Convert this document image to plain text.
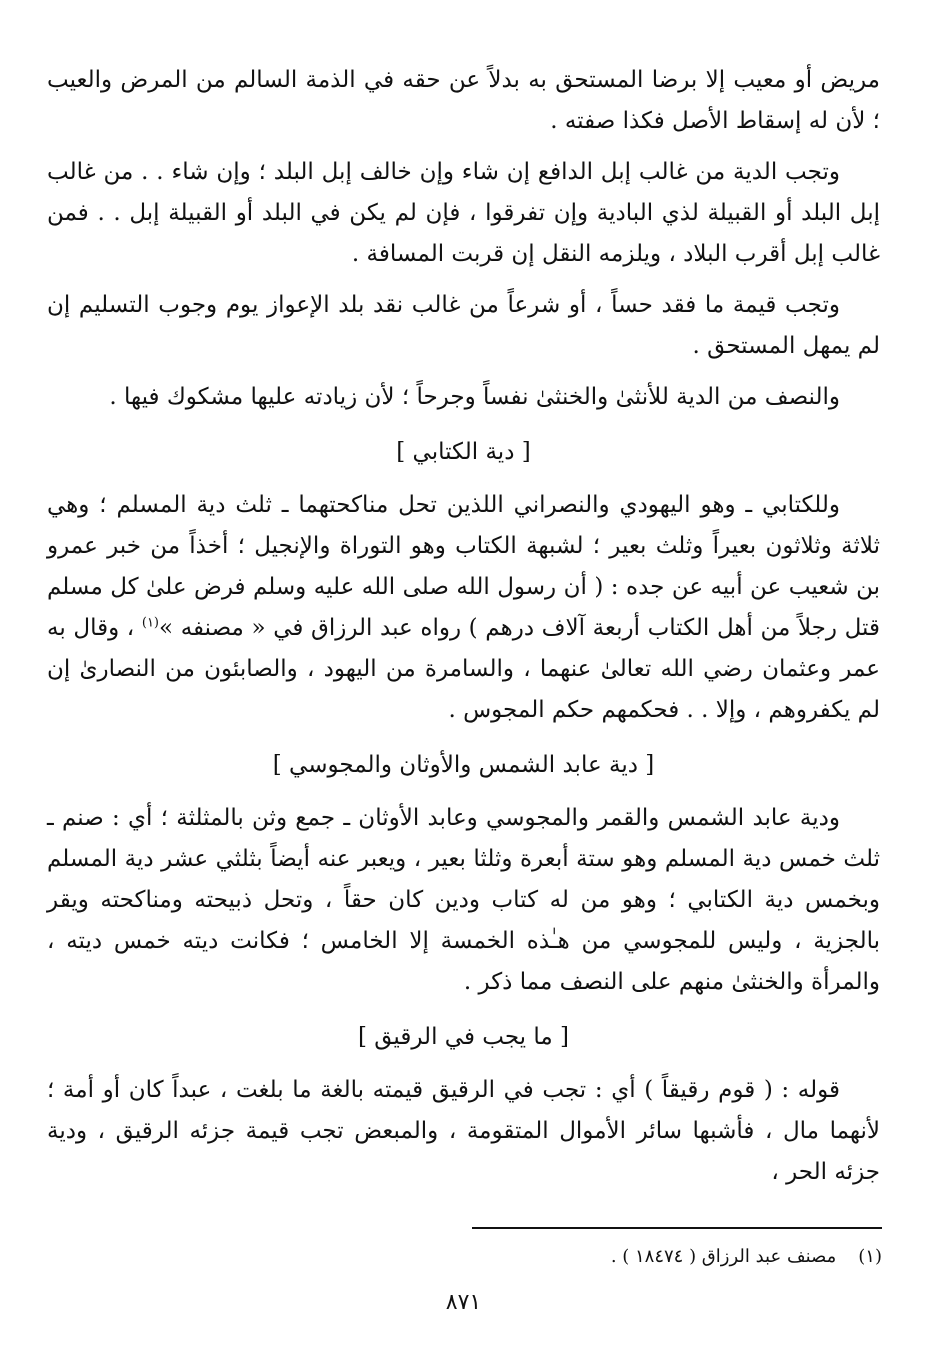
مريض أو معيب إلا برضا المستحق به بدلاً عن حقه في الذمة السالم من المرض والعيب ؛ لأن له إسقاط الأصل فكذا صفته .

وتجب الدية من غالب إبل الدافع إن شاء وإن خالف إبل البلد ؛ وإن شاء . . من غالب إبل البلد أو القبيلة لذي البادية وإن تفرقوا ، فإن لم يكن في البلد أو القبيلة إبل . . فمن غالب إبل أقرب البلاد ، ويلزمه النقل إن قربت المسافة .

وتجب قيمة ما فقد حساً ، أو شرعاً من غالب نقد بلد الإعواز يوم وجوب التسليم إن لم يمهل المستحق .

والنصف من الدية للأنثىٰ والخنثىٰ نفساً وجرحاً ؛ لأن زيادته عليها مشكوك فيها .

[ دية الكتابي ]

وللكتابي ـ وهو اليهودي والنصراني اللذين تحل مناكحتهما ـ ثلث دية المسلم ؛ وهي ثلاثة وثلاثون بعيراً وثلث بعير ؛ لشبهة الكتاب وهو التوراة والإنجيل ؛ أخذاً من خبر عمرو بن شعيب عن أبيه عن جده : ( أن رسول الله صلى الله عليه وسلم فرض علىٰ كل مسلم قتل رجلاً من أهل الكتاب أربعة آلاف درهم ) رواه عبد الرزاق في « مصنفه »$^{(١)}$ ، وقال به عمر وعثمان رضي الله تعالىٰ عنهما ، والسامرة من اليهود ، والصابئون من النصارىٰ إن لم يكفروهم ، وإلا . . فحكمهم حكم المجوس .

[ دية عابد الشمس والأوثان والمجوسي ]

ودية عابد الشمس والقمر والمجوسي وعابد الأوثان ـ جمع وثن بالمثلثة ؛ أي : صنم ـ ثلث خمس دية المسلم وهو ستة أبعرة وثلثا بعير ، ويعبر عنه أيضاً بثلثي عشر دية المسلم وبخمس دية الكتابي ؛ وهو من له كتاب ودين كان حقاً ، وتحل ذبيحته ومناكحته ويقر بالجزية ، وليس للمجوسي من هـٰذه الخمسة إلا الخامس ؛ فكانت ديته خمس ديته ، والمرأة والخنثىٰ منهم على النصف مما ذكر .

[ ما يجب في الرقيق ]

قوله : ( قوم رقيقاً ) أي : تجب في الرقيق قيمته بالغة ما بلغت ، عبداً كان أو أمة ؛ لأنهما مال ، فأشبها سائر الأموال المتقومة ، والمبعض تجب قيمة جزئه الرقيق ، ودية جزئه الحر ،

(١)مصنف عبد الرزاق ( ١٨٤٧٤ ) .
٨٧١
